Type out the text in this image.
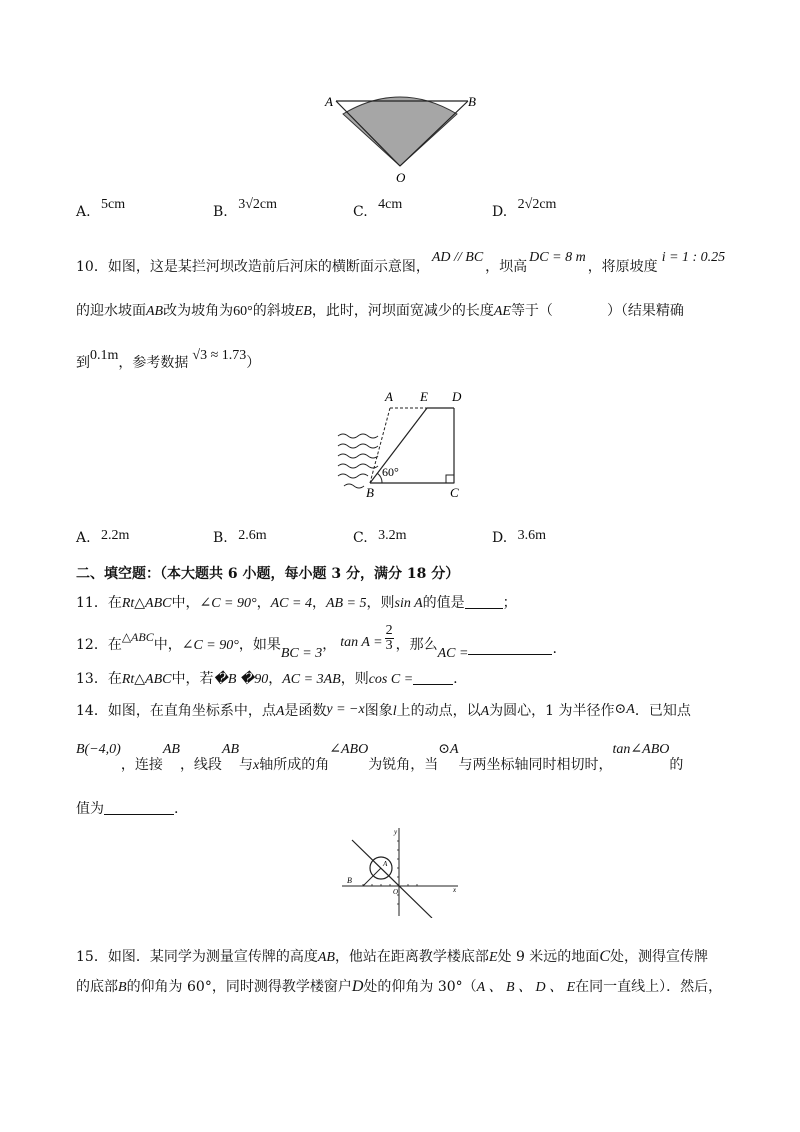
A	B
O
A. 5cm	B. 3√2cm	C. 4cm	D. 2√2cm
10．如图，这是某拦河坝改造前后河床的横断面示意图，AD // BC，坝高DC = 8 m，将原坡度i = 1 : 0.25
的迎水坡面AB改为坡角为60°的斜坡EB，此时，河坝面宽减少的长度AE等于（	）（结果精确
到0.1m，参考数据 √3 ≈ 1.73）
A E D
60°
B	C
A. 2.2m	B. 2.6m	C. 3.2m	D. 3.6m
二、填空题：（本大题共 6 小题，每小题 3 分，满分 18 分）
11．在Rt△ABC中，∠C = 90°，AC = 4，AB = 5，则sin A的值是	；
12．在△ABC中，∠C = 90°，如果BC = 3， $\tan A = \frac{2}{3}$ ，那么AC =	.
13．在Rt△ABC中，若�B �90，AC = 3AB，则cos C =	.
14．如图，在直角坐标系中，点A是函数y = −x图象l上的动点，以A为圆心，1 为半径作⊙A．已知点
B(−4,0)，连接AB，线段AB与x轴所成的角∠ABO为锐角，当⊙A与两坐标轴同时相切时，tan∠ABO的
值为	.
y
x
A
B
O
15．如图．某同学为测量宣传牌的高度AB，他站在距离教学楼底部E处 9 米远的地面C处，测得宣传牌
的底部B的仰角为 60°，同时测得教学楼窗户D处的仰角为 30°（A 、 B 、 D 、 E在同一直线上）．然后，
